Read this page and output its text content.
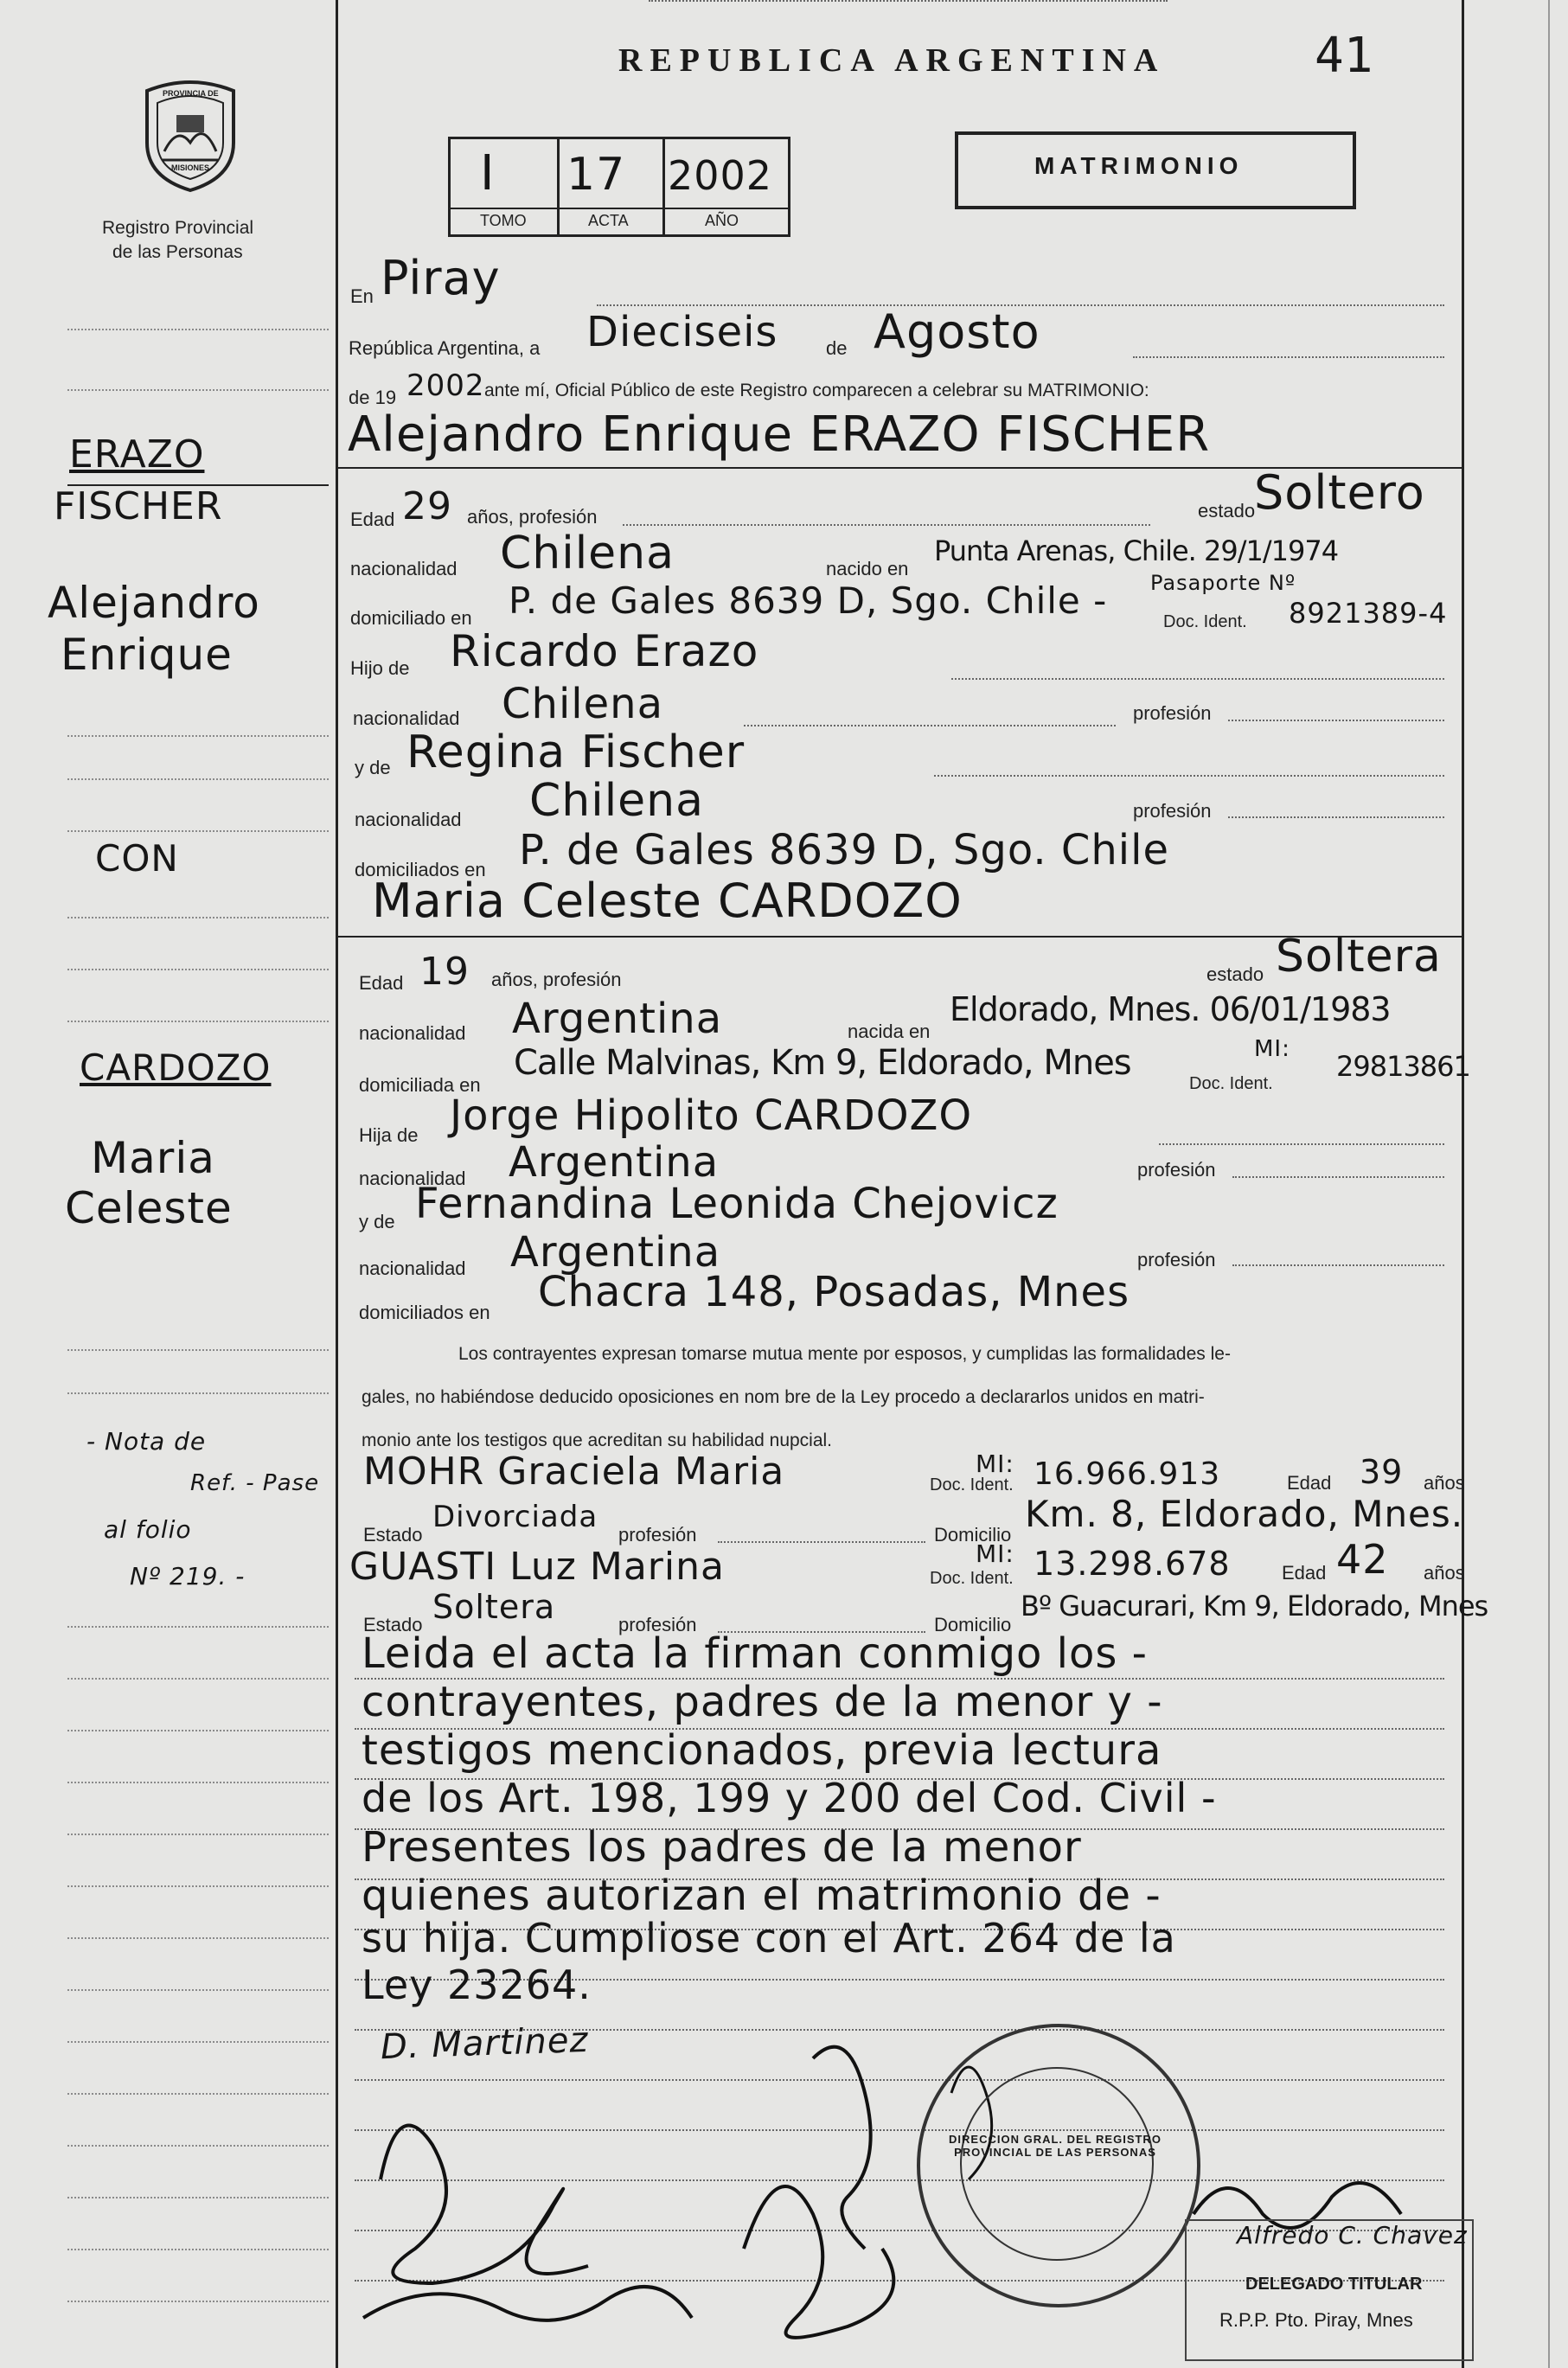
PROVINCIA DE
MISIONES
Registro Provincial
de las Personas
REPUBLICA ARGENTINA	41
I 17 2002
TOMO	ACTA	AÑO
MATRIMONIO
En Piray
República Argentina, a Dieciseis	de Agosto
de 19 2002 ante mí, Oficial Público de este Registro comparecen a celebrar su MATRIMONIO:
Alejandro Enrique ERAZO FISCHER
Edad 29 años, profesión	estado
Soltero
nacionalidad Chilena	nacido en
Punta Arenas, Chile. 29/1/1974
domiciliado en P. de Gales 8639 D, Sgo. Chile - Pasaporte Nº
Doc. Ident. 8921389-4
Hijo de Ricardo Erazo
nacionalidad Chilena	profesión
y de Regina Fischer
nacionalidad Chilena	profesión
domiciliados en P. de Gales 8639 D, Sgo. Chile
Maria Celeste CARDOZO
Edad 19 años, profesión	estado Soltera
nacionalidad Argentina	nacida en
Eldorado, Mnes. 06/01/1983
domiciliada en
Calle Malvinas, Km 9, Eldorado, Mnes
Doc. Ident.
MI:
29813861
Hija de Jorge Hipolito CARDOZO
nacionalidad Argentina	profesión
y de Fernandina Leonida Chejovicz
nacionalidad Argentina	profesión
domiciliados en Chacra 148, Posadas, Mnes
Los contrayentes expresan tomarse mutua mente por esposos, y cumplidas las formalidades le-
gales, no habiéndose deducido oposiciones en nom bre de la Ley procedo a declararlos unidos en matri-
monio ante los testigos que acreditan su habilidad nupcial.
MOHR Graciela Maria	Doc. Ident.
MI: 16.966.913	Edad 39 años
Estado
Divorciada
profesión	Domicilio Km. 8, Eldorado, Mnes.
GUASTI Luz Marina	Doc. Ident.
MI: 13.298.678	Edad 42 años
Estado Soltera	profesión	Domicilio
Bº Guacurari, Km 9, Eldorado, Mnes
Leida el acta la firman conmigo los -
contrayentes, padres de la menor y -
testigos mencionados, previa lectura
de los Art. 198, 199 y 200 del Cod. Civil -
Presentes los padres de la menor
quienes autorizan el matrimonio de -
su hija. Cumpliose con el Art. 264 de la
Ley 23264.
D. Martinez
DIRECCION GRAL. DEL REGISTRO PROVINCIAL DE LAS PERSONAS
Alfredo C. Chavez
DELEGADO TITULAR
R.P.P. Pto. Piray, Mnes
ERAZO
FISCHER
Alejandro
Enrique
CON
CARDOZO
Maria
Celeste
- Nota de
Ref. - Pase
al folio
Nº 219. -
